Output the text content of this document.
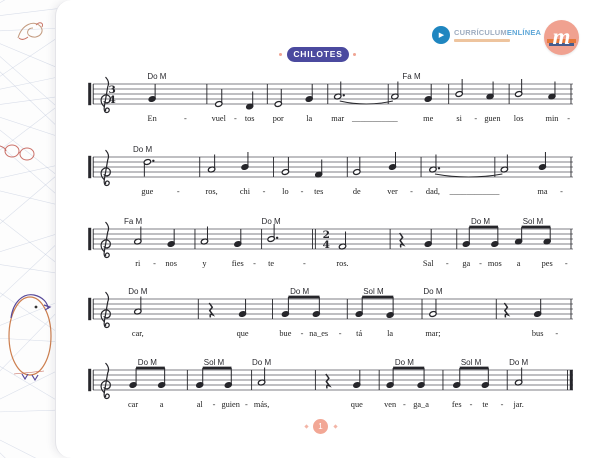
▶ CURRÍCULUMENLÍNEA m
CHILOTES
3
4
Do M	Fa M
En	-	vuel - tos por	la mar ___________	me	si - guen los	min -
Do M
gue	-	ros,	chi - lo - tes	de	ver - dad, ____________	ma -
2
4
Fa M	Do M	Do M	Sol M
ri - nos	y	fies - te	-	ros.	Sal - ga - mos a	pes -
Do M	Do M	Sol M	Do M
car,	que	bue - na_es - tá	la	mar;	bus -
Do M	Sol M	Do M	Do M	Sol M	Do M
car	a	al - guien - más,	que	ven - ga_a	fes - te - jar.
1
